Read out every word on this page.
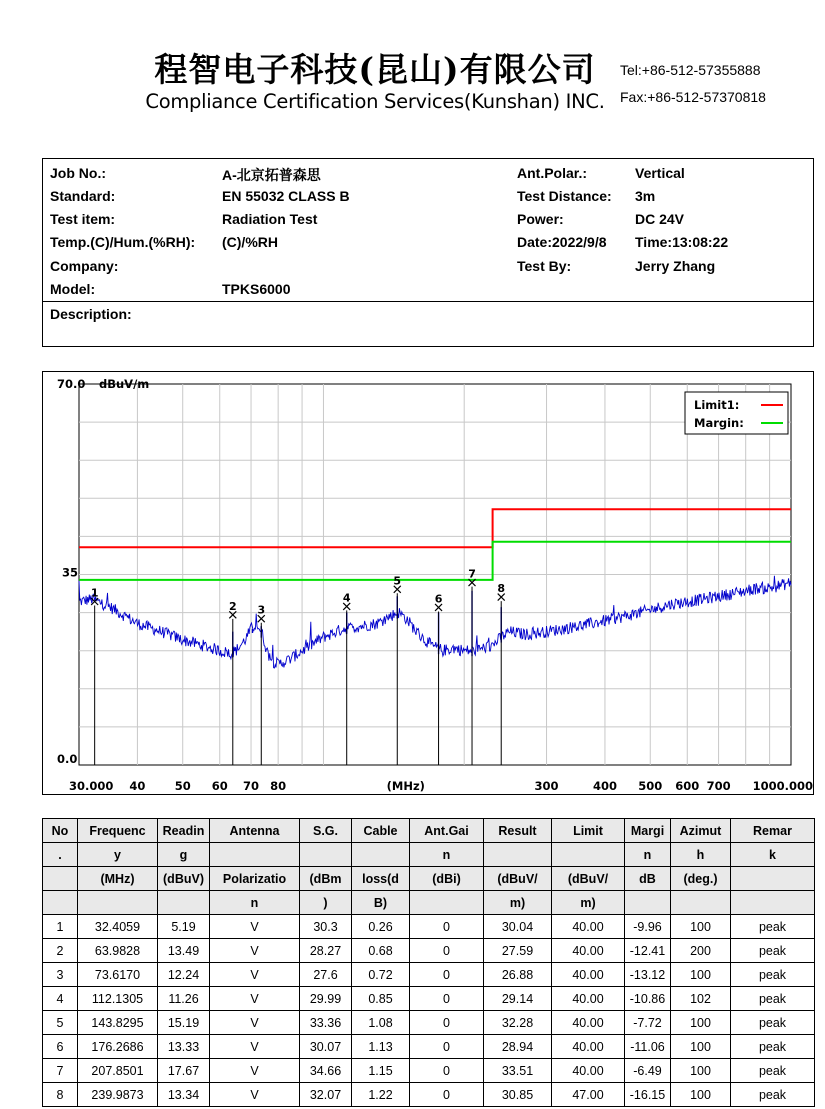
程智电子科技(昆山)有限公司
Compliance Certification Services(Kunshan) INC.
Tel:+86-512-57355888
Fax:+86-512-57370818
Job No.:	A-北京拓普森思
Standard:	EN 55032 CLASS B
Test item:	Radiation Test
Temp.(C)/Hum.(%RH): (C)/%RH
Company:
Model:	TPKS6000
Ant.Polar.:	Vertical
Test Distance: 3m
Power:	DC 24V
Date:2022/9/8 Time:13:08:22
Test By:	Jerry Zhang
Description:
1
2 3
4
5
6
7
8
70.0 dBuV/m
35
0.0
(MHz)
30.000 40	50 60 70 80	300	400 500 600 700 1000.000
Limit1:
Margin:
No	Frequenc	Readin	Antenna	S.G.	Cable	Ant.Gai	Result	Limit	Margi	Azimut	Remar
.	y	g				n			n	h	k
	(MHz)	(dBuV)	Polarizatio	(dBm	loss(d	(dBi)	(dBuV/	(dBuV/	dB	(deg.)	
			n	)	B)		m)	m)			
1	32.4059	5.19	V	30.3	0.26	0	30.04	40.00	-9.96	100	peak
2	63.9828	13.49	V	28.27	0.68	0	27.59	40.00	-12.41	200	peak
3	73.6170	12.24	V	27.6	0.72	0	26.88	40.00	-13.12	100	peak
4	112.1305	11.26	V	29.99	0.85	0	29.14	40.00	-10.86	102	peak
5	143.8295	15.19	V	33.36	1.08	0	32.28	40.00	-7.72	100	peak
6	176.2686	13.33	V	30.07	1.13	0	28.94	40.00	-11.06	100	peak
7	207.8501	17.67	V	34.66	1.15	0	33.51	40.00	-6.49	100	peak
8	239.9873	13.34	V	32.07	1.22	0	30.85	47.00	-16.15	100	peak
